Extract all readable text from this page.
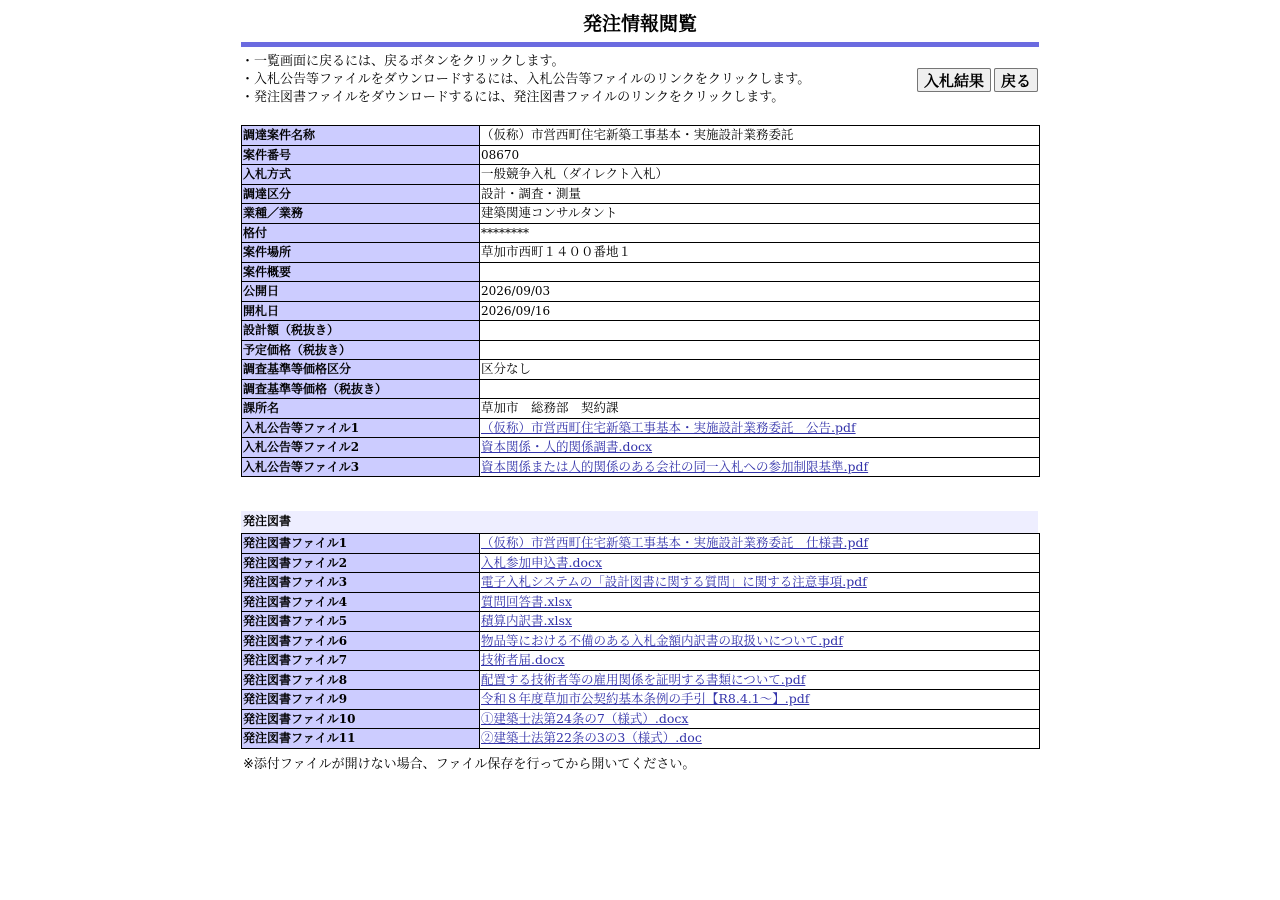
発注情報閲覧
・一覧画面に戻るには、戻るボタンをクリックします。
・入札公告等ファイルをダウンロードするには、入札公告等ファイルのリンクをクリックします。
・発注図書ファイルをダウンロードするには、発注図書ファイルのリンクをクリックします。
入札結果	戻る
調達案件名称	（仮称）市営西町住宅新築工事基本・実施設計業務委託
案件番号	08670
入札方式	一般競争入札（ダイレクト入札）
調達区分	設計・調査・測量
業種／業務	建築関連コンサルタント
格付	********
案件場所	草加市西町１４００番地１
案件概要	
公開日	2026/09/03
開札日	2026/09/16
設計額（税抜き）	
予定価格（税抜き）	
調査基準等価格区分	区分なし
調査基準等価格（税抜き）	
課所名	草加市　総務部　契約課
入札公告等ファイル1	（仮称）市営西町住宅新築工事基本・実施設計業務委託　公告.pdf
入札公告等ファイル2	資本関係・人的関係調書.docx
入札公告等ファイル3	資本関係または人的関係のある会社の同一入札への参加制限基準.pdf
発注図書
発注図書ファイル1	（仮称）市営西町住宅新築工事基本・実施設計業務委託　仕様書.pdf
発注図書ファイル2	入札参加申込書.docx
発注図書ファイル3	電子入札システムの「設計図書に関する質問」に関する注意事項.pdf
発注図書ファイル4	質問回答書.xlsx
発注図書ファイル5	積算内訳書.xlsx
発注図書ファイル6	物品等における不備のある入札金額内訳書の取扱いについて.pdf
発注図書ファイル7	技術者届.docx
発注図書ファイル8	配置する技術者等の雇用関係を証明する書類について.pdf
発注図書ファイル9	令和８年度草加市公契約基本条例の手引【R8.4.1～】.pdf
発注図書ファイル10	①建築士法第24条の7（様式）.docx
発注図書ファイル11	②建築士法第22条の3の3（様式）.doc
※添付ファイルが開けない場合、ファイル保存を行ってから開いてください。
